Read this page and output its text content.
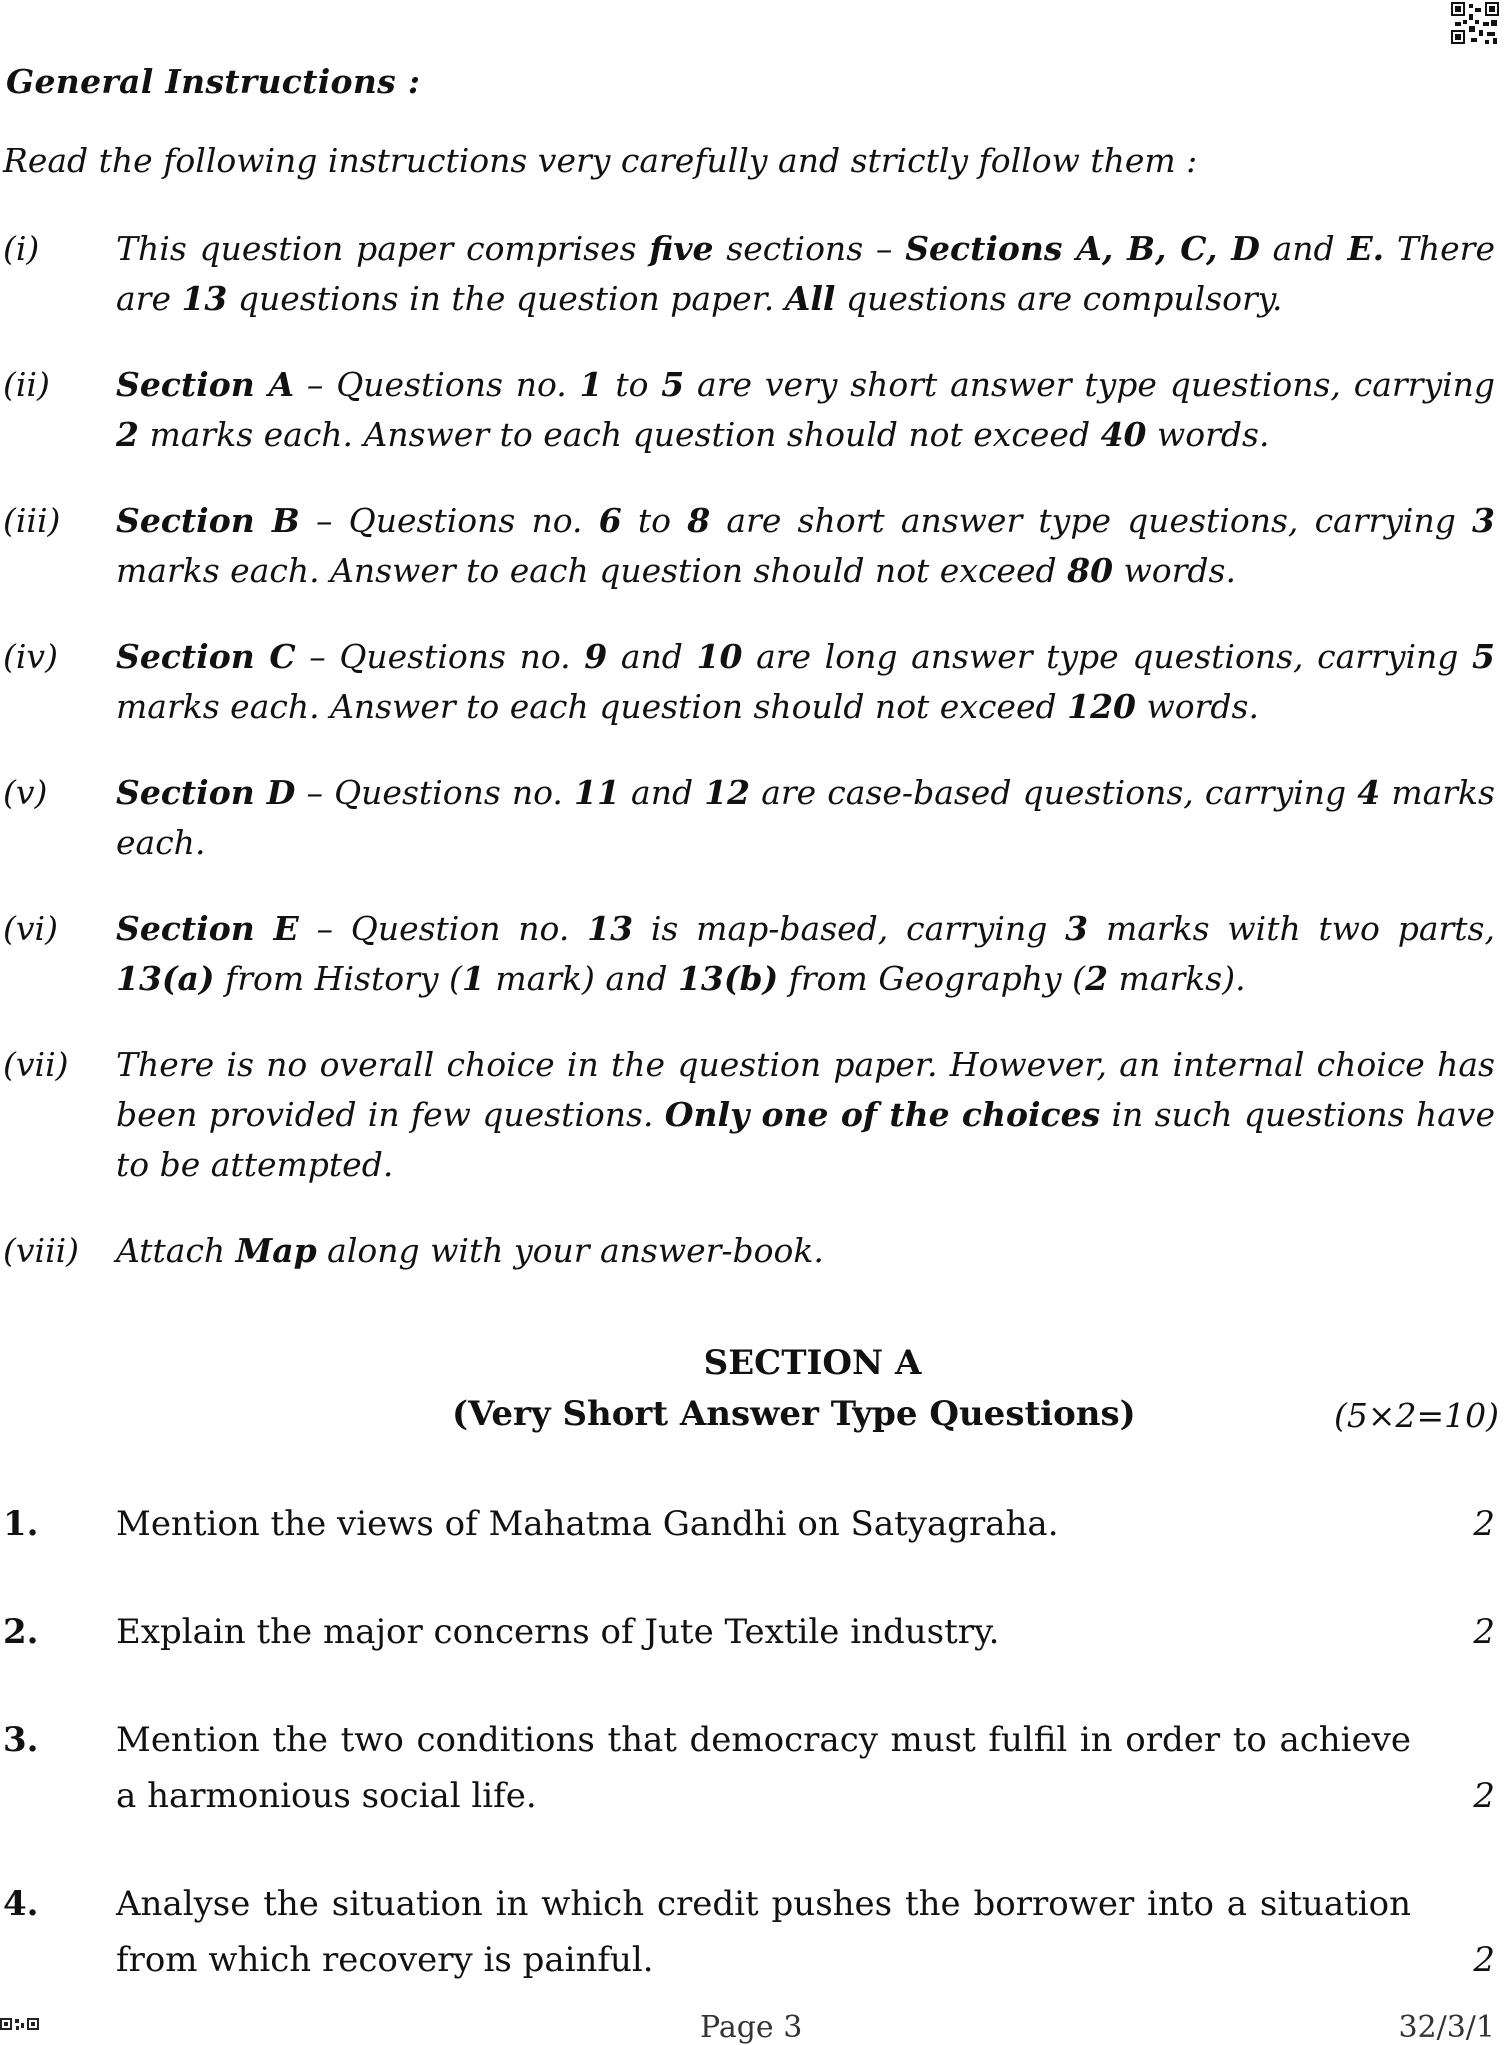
General Instructions :
Read the following instructions very carefully and strictly follow them :
(i) This question paper comprises five sections – Sections A, B, C, D and E. There are 13 questions in the question paper. All questions are compulsory.
(ii) Section A – Questions no. 1 to 5 are very short answer type questions, carrying 2 marks each. Answer to each question should not exceed 40 words.
(iii) Section B – Questions no. 6 to 8 are short answer type questions, carrying 3 marks each. Answer to each question should not exceed 80 words.
(iv) Section C – Questions no. 9 and 10 are long answer type questions, carrying 5 marks each. Answer to each question should not exceed 120 words.
(v) Section D – Questions no. 11 and 12 are case-based questions, carrying 4 marks each.
(vi) Section E – Question no. 13 is map-based, carrying 3 marks with two parts, 13(a) from History (1 mark) and 13(b) from Geography (2 marks).
(vii) There is no overall choice in the question paper. However, an internal choice has been provided in few questions. Only one of the choices in such questions have to be attempted.
(viii) Attach Map along with your answer-book.
SECTION A
(Very Short Answer Type Questions)	(5×2=10)
1. Mention the views of Mahatma Gandhi on Satyagraha.	2
2. Explain the major concerns of Jute Textile industry.	2
3. Mention the two conditions that democracy must fulfil in order to achieve a harmonious social life.	2
4. Analyse the situation in which credit pushes the borrower into a situation from which recovery is painful.	2
Page 3	32/3/1
